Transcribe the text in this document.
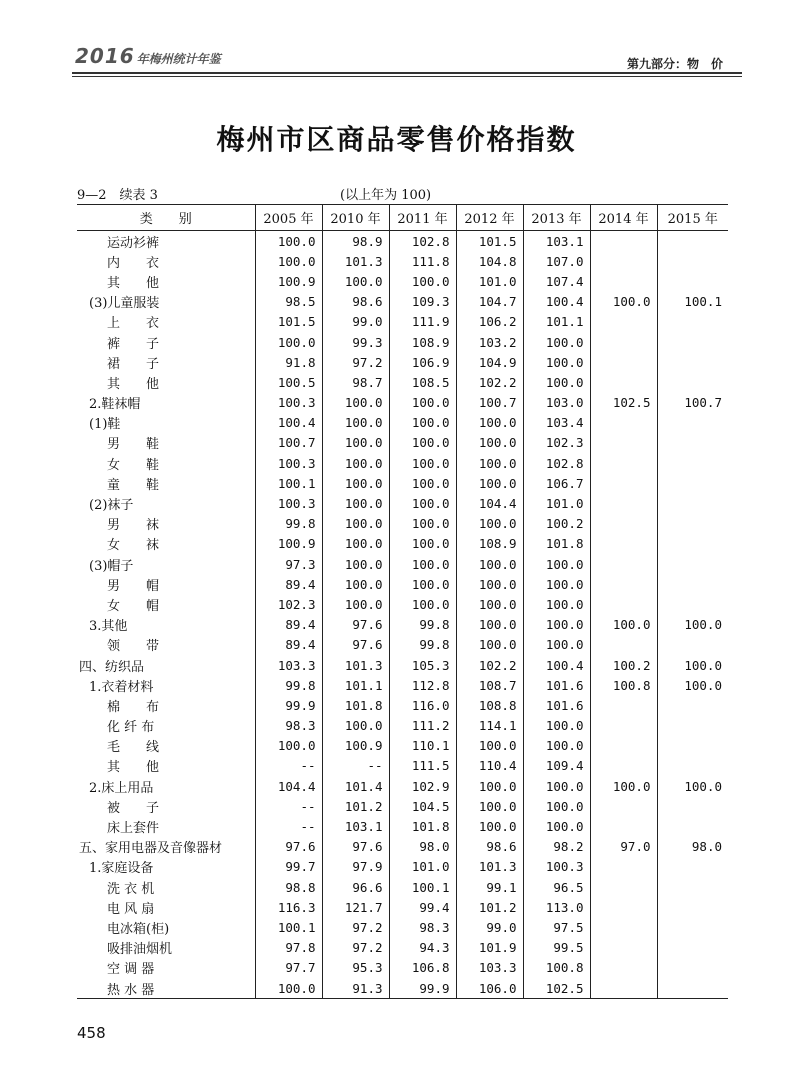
2016 年梅州统计年鉴	第九部分：物　价
梅州市区商品零售价格指数
9—2　续表 3	(以上年为 100)
类　　别	2005 年	2010 年	2011 年	2012 年	2013 年	2014 年	2015 年
运动衫裤	100.0	98.9	102.8	101.5	103.1		
内　　衣	100.0	101.3	111.8	104.8	107.0		
其　　他	100.9	100.0	100.0	101.0	107.4		
(3)儿童服装	98.5	98.6	109.3	104.7	100.4	100.0	100.1
上　　衣	101.5	99.0	111.9	106.2	101.1		
裤　　子	100.0	99.3	108.9	103.2	100.0		
裙　　子	91.8	97.2	106.9	104.9	100.0		
其　　他	100.5	98.7	108.5	102.2	100.0		
2.鞋袜帽	100.3	100.0	100.0	100.7	103.0	102.5	100.7
(1)鞋	100.4	100.0	100.0	100.0	103.4		
男　　鞋	100.7	100.0	100.0	100.0	102.3		
女　　鞋	100.3	100.0	100.0	100.0	102.8		
童　　鞋	100.1	100.0	100.0	100.0	106.7		
(2)袜子	100.3	100.0	100.0	104.4	101.0		
男　　袜	99.8	100.0	100.0	100.0	100.2		
女　　袜	100.9	100.0	100.0	108.9	101.8		
(3)帽子	97.3	100.0	100.0	100.0	100.0		
男　　帽	89.4	100.0	100.0	100.0	100.0		
女　　帽	102.3	100.0	100.0	100.0	100.0		
3.其他	89.4	97.6	99.8	100.0	100.0	100.0	100.0
领　　带	89.4	97.6	99.8	100.0	100.0		
四、纺织品	103.3	101.3	105.3	102.2	100.4	100.2	100.0
1.衣着材料	99.8	101.1	112.8	108.7	101.6	100.8	100.0
棉　　布	99.9	101.8	116.0	108.8	101.6		
化 纤 布	98.3	100.0	111.2	114.1	100.0		
毛　　线	100.0	100.9	110.1	100.0	100.0		
其　　他	--	--	111.5	110.4	109.4		
2.床上用品	104.4	101.4	102.9	100.0	100.0	100.0	100.0
被　　子	--	101.2	104.5	100.0	100.0		
床上套件	--	103.1	101.8	100.0	100.0		
五、家用电器及音像器材	97.6	97.6	98.0	98.6	98.2	97.0	98.0
1.家庭设备	99.7	97.9	101.0	101.3	100.3		
洗 衣 机	98.8	96.6	100.1	99.1	96.5		
电 风 扇	116.3	121.7	99.4	101.2	113.0		
电冰箱(柜)	100.1	97.2	98.3	99.0	97.5		
吸排油烟机	97.8	97.2	94.3	101.9	99.5		
空 调 器	97.7	95.3	106.8	103.3	100.8		
热 水 器	100.0	91.3	99.9	106.0	102.5		
458
